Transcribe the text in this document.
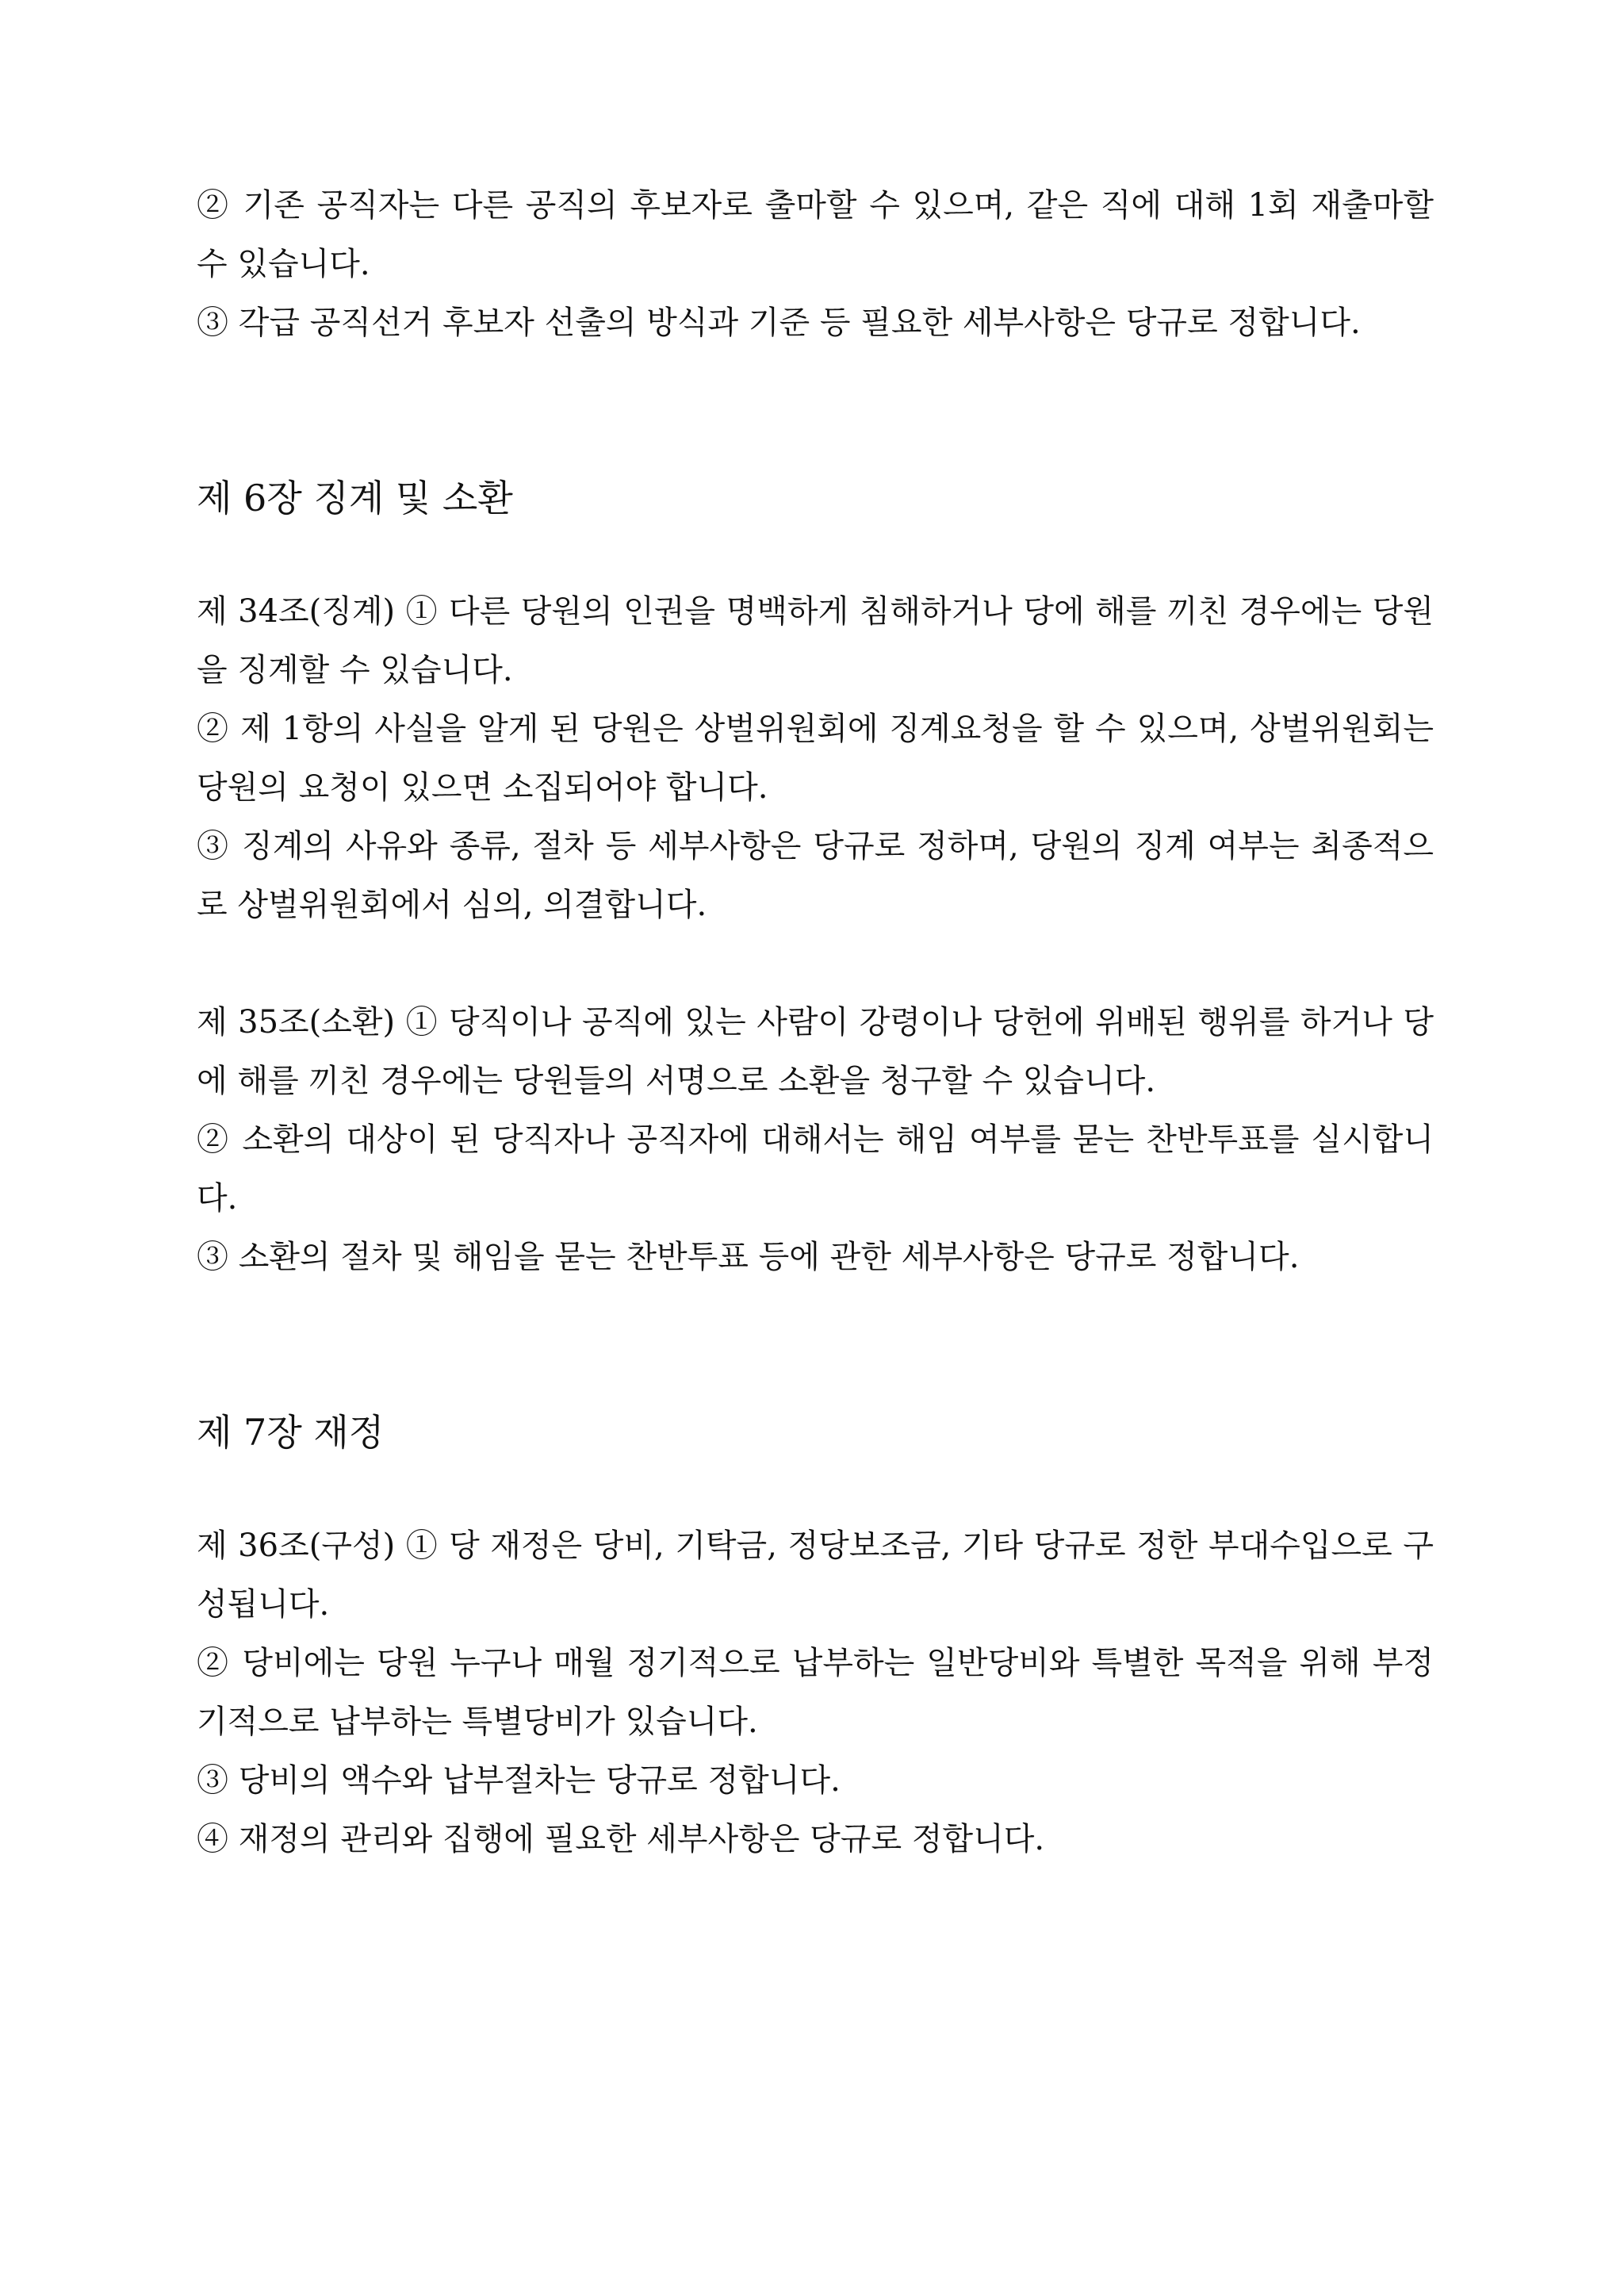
② 기존 공직자는 다른 공직의 후보자로 출마할 수 있으며, 같은 직에 대해 1회 재출마할 수 있습니다.

③ 각급 공직선거 후보자 선출의 방식과 기준 등 필요한 세부사항은 당규로 정합니다.

제 6장 징계 및 소환

제 34조(징계) ① 다른 당원의 인권을 명백하게 침해하거나 당에 해를 끼친 경우에는 당원을 징계할 수 있습니다.

② 제 1항의 사실을 알게 된 당원은 상벌위원회에 징계요청을 할 수 있으며, 상벌위원회는 당원의 요청이 있으면 소집되어야 합니다.

③ 징계의 사유와 종류, 절차 등 세부사항은 당규로 정하며, 당원의 징계 여부는 최종적으로 상벌위원회에서 심의, 의결합니다.

제 35조(소환) ① 당직이나 공직에 있는 사람이 강령이나 당헌에 위배된 행위를 하거나 당에 해를 끼친 경우에는 당원들의 서명으로 소환을 청구할 수 있습니다.

② 소환의 대상이 된 당직자나 공직자에 대해서는 해임 여부를 묻는 찬반투표를 실시합니다.

③ 소환의 절차 및 해임을 묻는 찬반투표 등에 관한 세부사항은 당규로 정합니다.

제 7장 재정

제 36조(구성) ① 당 재정은 당비, 기탁금, 정당보조금, 기타 당규로 정한 부대수입으로 구성됩니다.

② 당비에는 당원 누구나 매월 정기적으로 납부하는 일반당비와 특별한 목적을 위해 부정기적으로 납부하는 특별당비가 있습니다.

③ 당비의 액수와 납부절차는 당규로 정합니다.

④ 재정의 관리와 집행에 필요한 세부사항은 당규로 정합니다.
